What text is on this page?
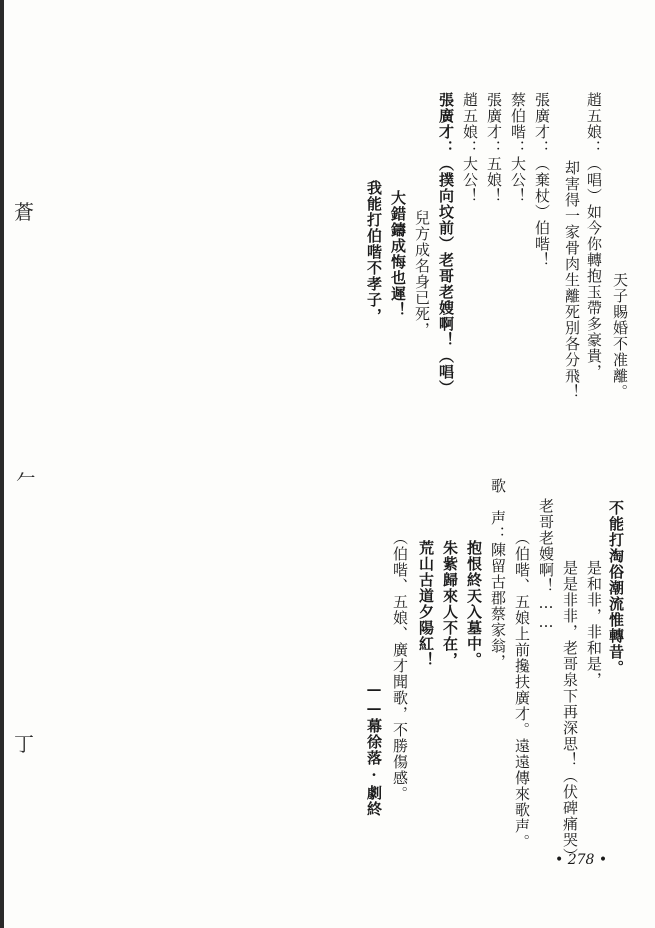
天子賜婚不准離。
趙五娘：（唱）如今你轉抱玉帶多豪貴，
却害得一家骨肉生離死別各分飛！
張廣才：（棄杖）伯喈！
蔡伯喈：大公！
張廣才：五娘！
趙五娘：大公！
張廣才：（撲向坟前）老哥老嫂啊！（唱）
兒方成名身已死，
大錯鑄成悔也遲！
我能打伯喈不孝子，
不能打淘俗潮流惟轉昔。
是和非，非和是，
是是非非，老哥泉下再深思！（伏碑痛哭）
老哥老嫂啊！……
（伯喈、五娘上前攙扶廣才。遠遠傳來歌声。
歌　声：陳留古郡蔡家翁，
抱恨終天入墓中。
朱紫歸來人不在，
荒山古道夕陽紅！
（伯喈、五娘、廣才聞歌，不勝傷感。
——幕徐落·劇終
蒼
𠂉
丁
• 278 •
